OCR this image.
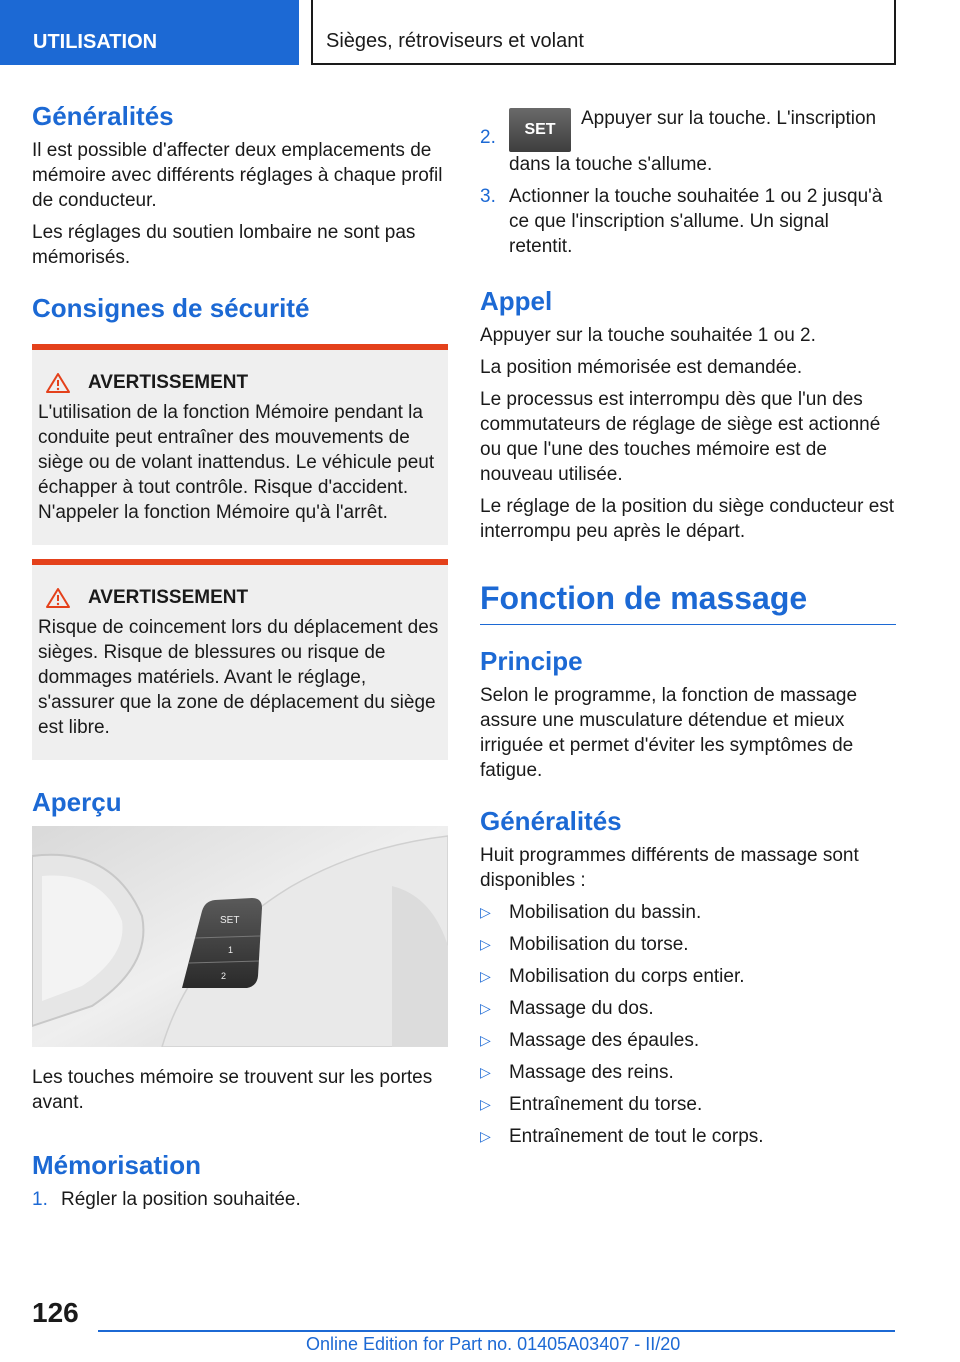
UTILISATION	Sièges, rétroviseurs et volant
Généralités

Il est possible d'affecter deux emplacements de mémoire avec différents réglages à chaque profil de conducteur.

Les réglages du soutien lombaire ne sont pas mémorisés.

Consignes de sécurité
AVERTISSEMENT

L'utilisation de la fonction Mémoire pendant la conduite peut entraîner des mouvements de siège ou de volant inattendus. Le véhicule peut échapper à tout contrôle. Risque d'accident. N'appeler la fonction Mémoire qu'à l'arrêt.

AVERTISSEMENT

Risque de coincement lors du déplacement des sièges. Risque de blessures ou risque de dommages matériels. Avant le réglage, s'assurer que la zone de déplacement du siège est libre.

Aperçu
SET
1
2

Les touches mémoire se trouvent sur les portes avant.

Mémorisation
1. Régler la position souhaitée.
2.	SETAppuyer sur la touche. L'inscription dans la touche s'allume.
3. Actionner la touche souhaitée 1 ou 2 jusqu'à ce que l'inscription s'allume. Un signal retentit.
Appel

Appuyer sur la touche souhaitée 1 ou 2.

La position mémorisée est demandée.

Le processus est interrompu dès que l'un des commutateurs de réglage de siège est actionné ou que l'une des touches mémoire est de nouveau utilisée.

Le réglage de la position du siège conducteur est interrompu peu après le départ.

Fonction de massage
Principe

Selon le programme, la fonction de massage assure une musculature détendue et mieux irriguée et permet d'éviter les symptômes de fatigue.

Généralités

Huit programmes différents de massage sont disponibles :

▷ Mobilisation du bassin.
▷ Mobilisation du torse.
▷ Mobilisation du corps entier.
▷ Massage du dos.
▷ Massage des épaules.
▷ Massage des reins.
▷ Entraînement du torse.
▷ Entraînement de tout le corps.
126
Online Edition for Part no. 01405A03407 - II/20
